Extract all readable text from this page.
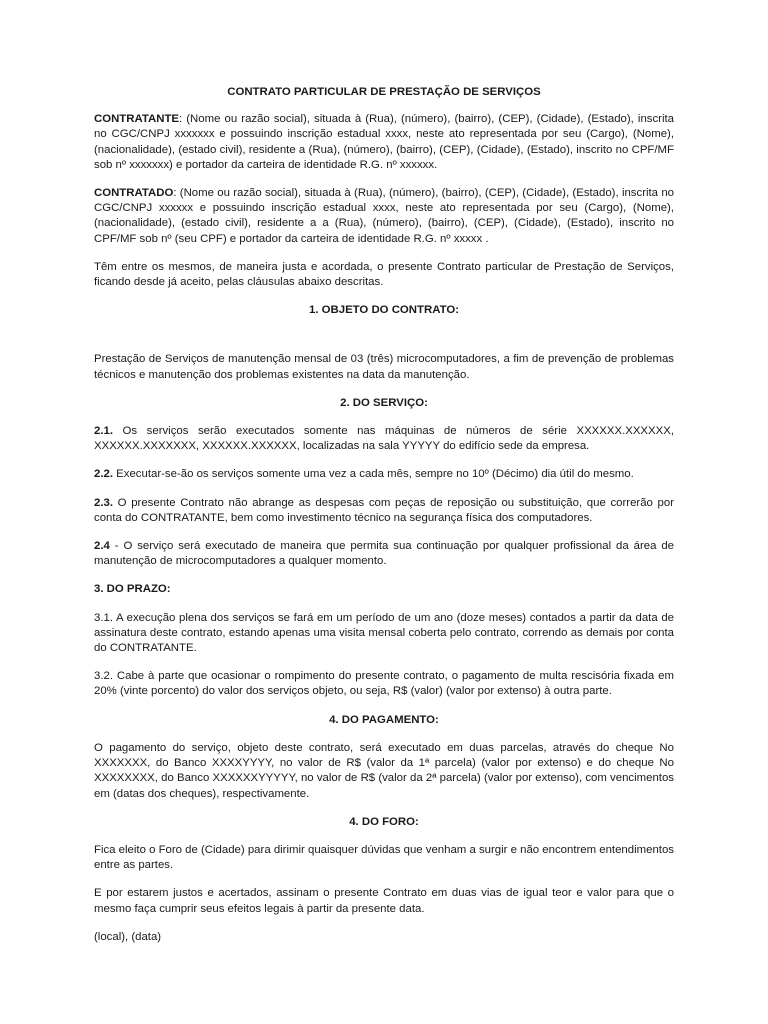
CONTRATO PARTICULAR DE PRESTAÇÃO DE SERVIÇOS

CONTRATANTE: (Nome ou razão social), situada à (Rua), (número), (bairro), (CEP), (Cidade), (Estado), inscrita no CGC/CNPJ xxxxxxx e possuindo inscrição estadual xxxx, neste ato representada por seu (Cargo), (Nome), (nacionalidade), (estado civil), residente a (Rua), (número), (bairro), (CEP), (Cidade), (Estado), inscrito no CPF/MF sob nº xxxxxxx) e portador da carteira de identidade R.G. nº xxxxxx.

CONTRATADO: (Nome ou razão social), situada à (Rua), (número), (bairro), (CEP), (Cidade), (Estado), inscrita no CGC/CNPJ xxxxxx e possuindo inscrição estadual xxxx, neste ato representada por seu (Cargo), (Nome), (nacionalidade), (estado civil), residente a a (Rua), (número), (bairro), (CEP), (Cidade), (Estado), inscrito no CPF/MF sob nº (seu CPF) e portador da carteira de identidade R.G. nº xxxxx .

Têm entre os mesmos, de maneira justa e acordada, o presente Contrato particular de Prestação de Serviços, ficando desde já aceito, pelas cláusulas abaixo descritas.

1. OBJETO DO CONTRATO:

Prestação de Serviços de manutenção mensal de 03 (três) microcomputadores, a fim de prevenção de problemas técnicos e manutenção dos problemas existentes na data da manutenção.

2. DO SERVIÇO:

2.1. Os serviços serão executados somente nas máquinas de números de série XXXXXX.XXXXXX, XXXXXX.XXXXXXX, XXXXXX.XXXXXX, localizadas na sala YYYYY do edifício sede da empresa.

2.2. Executar-se-ão os serviços somente uma vez a cada mês, sempre no 10º (Décimo) dia útil do mesmo.

2.3. O presente Contrato não abrange as despesas com peças de reposição ou substituição, que correrão por conta do CONTRATANTE, bem como investimento técnico na segurança física dos computadores.

2.4 - O serviço será executado de maneira que permita sua continuação por qualquer profissional da área de manutenção de microcomputadores a qualquer momento.

3. DO PRAZO:

3.1. A execução plena dos serviços se fará em um período de um ano (doze meses) contados a partir da data de assinatura deste contrato, estando apenas uma visita mensal coberta pelo contrato, correndo as demais por conta do CONTRATANTE.

3.2. Cabe à parte que ocasionar o rompimento do presente contrato, o pagamento de multa rescisória fixada em 20% (vinte porcento) do valor dos serviços objeto, ou seja, R$ (valor) (valor por extenso) à outra parte.

4. DO PAGAMENTO:

O pagamento do serviço, objeto deste contrato, será executado em duas parcelas, através do cheque No XXXXXXX, do Banco XXXXYYYY, no valor de R$ (valor da 1ª parcela) (valor por extenso) e do cheque No XXXXXXXX, do Banco XXXXXXYYYYY, no valor de R$ (valor da 2ª parcela) (valor por extenso), com vencimentos em (datas dos cheques), respectivamente.

4. DO FORO:

Fica eleito o Foro de (Cidade) para dirimir quaisquer dúvidas que venham a surgir e não encontrem entendimentos entre as partes.

E por estarem justos e acertados, assinam o presente Contrato em duas vias de igual teor e valor para que o mesmo faça cumprir seus efeitos legais à partir da presente data.

(local), (data)
